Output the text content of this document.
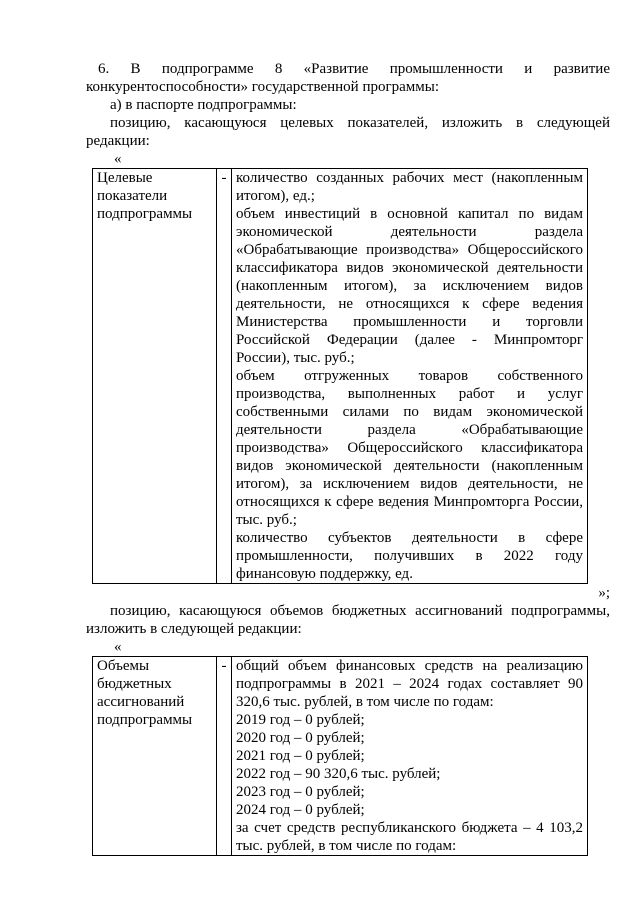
6.   В   подпрограмме   8   «Развитие   промышленности   и   развитие

конкурентоспособности» государственной программы:

а) в паспорте подпрограммы:

позицию, касающуюся целевых показателей, изложить в следующей

редакции:

«
Целевые показатели подпрограммы	-	количество созданных рабочих мест (накопленным итогом), ед.;

объем инвестиций в основной капитал по видам экономической деятельности раздела «Обрабатывающие производства» Общероссийского классификатора видов экономической деятельности (накопленным итогом), за исключением видов деятельности, не относящихся к сфере ведения Министерства промышленности и торговли Российской Федерации (далее - Минпромторг России), тыс. руб.;

объем отгруженных товаров собственного производства, выполненных работ и услуг собственными силами по видам экономической деятельности раздела «Обрабатывающие производства» Общероссийского классификатора видов экономической деятельности (накопленным итогом), за исключением видов деятельности, не относящихся к сфере ведения Минпромторга России, тыс. руб.;

количество субъектов деятельности в сфере промышленности, получивших в 2022 году финансовую поддержку, ед.

»;

позицию, касающуюся объемов бюджетных ассигнований подпрограммы,

изложить в следующей редакции:

«
Объемы бюджетных ассигнований подпрограммы	-	общий объем финансовых средств на реализацию подпрограммы в 2021 – 2024 годах составляет 90 320,6 тыс. рублей, в том числе по годам:

2019 год – 0 рублей;

2020 год – 0 рублей;

2021 год – 0 рублей;

2022 год – 90 320,6 тыс. рублей;

2023 год – 0 рублей;

2024 год – 0 рублей;

за счет средств республиканского бюджета – 4 103,2 тыс. рублей, в том числе по годам:
